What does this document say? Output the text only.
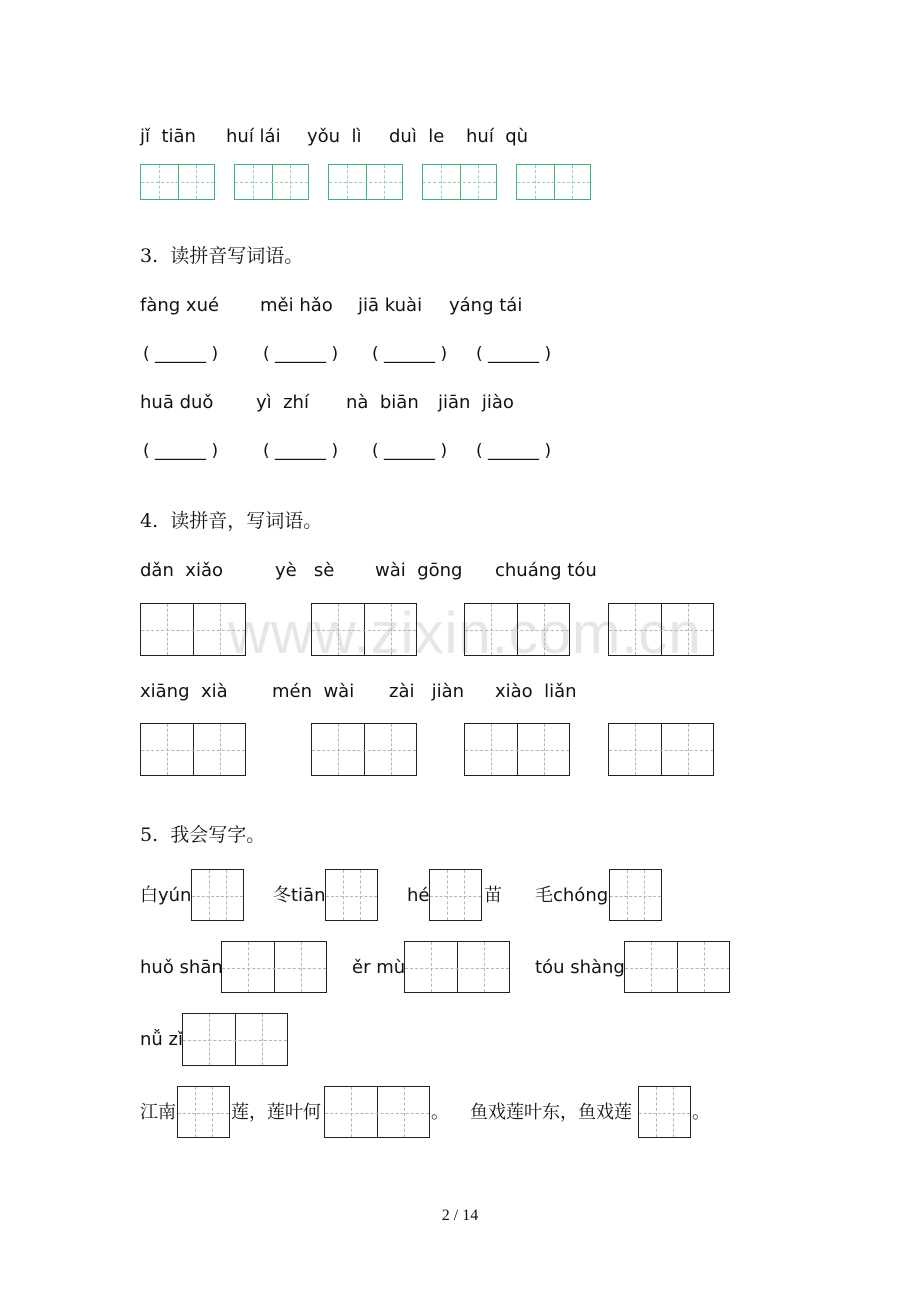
www.zixin.com.cn
jǐ  tiān huí lái yǒu  lì duì  le huí  qù
3.  读拼音写词语。
fàng xué měi hǎo jiā kuài yáng tái
( ______ )	( ______ ) ( ______ ) ( ______ )
huā duǒ yì  zhí nà  biān jiān  jiào
( ______ )	( ______ ) ( ______ ) ( ______ )
4.  读拼音，写词语。
dǎn  xiǎo	yè   sè wài  gōng chuáng tóu
xiāng  xià mén  wài zài   jiàn xiào  liǎn
5.  我会写字。
白yún	冬tiān	hé	苗 毛chóng
huǒ shān	ěr mù	tóu shàng
nǚ zǐ
江南	莲，莲叶何	。 鱼戏莲叶东，鱼戏莲	。
2 / 14
